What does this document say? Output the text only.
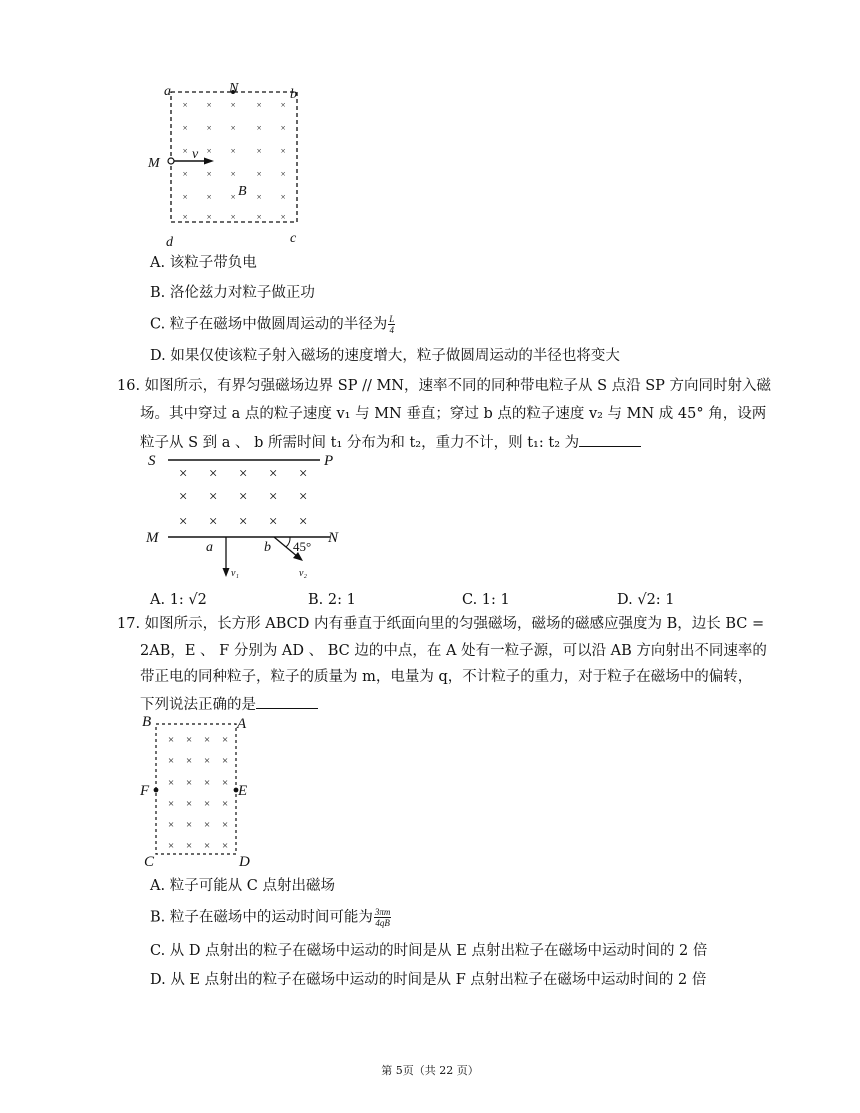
× × × × ×
× × × × ×
× × × × ×
× × × × ×
× × × × ×
× × × × ×
a	N	b
M
v
B
d	c
A. 该粒子带负电
B. 洛伦兹力对粒子做正功
C. 粒子在磁场中做圆周运动的半径为 $\frac{L}{4}$
D. 如果仅使该粒子射入磁场的速度增大，粒子做圆周运动的半径也将变大
16. 如图所示，有界匀强磁场边界 SP // MN，速率不同的同种带电粒子从 S 点沿 SP 方向同时射入磁
场。其中穿过 a 点的粒子速度 v₁ 与 MN 垂直；穿过 b 点的粒子速度 v₂ 与 MN 成 45° 角，设两
粒子从 S 到 a 、 b 所需时间 t₁ 分布为和 t₂，重力不计，则 t₁: t₂ 为
× × × × ×
× × × × ×
× × × × ×
S	P
M	N
a	b 45°
v₁	v₂
A. 1: √2	B. 2: 1	C. 1: 1	D. √2: 1
17. 如图所示，长方形 ABCD 内有垂直于纸面向里的匀强磁场，磁场的磁感应强度为 B，边长 BC =
2AB，E 、 F 分别为 AD 、 BC 边的中点，在 A 处有一粒子源，可以沿 AB 方向射出不同速率的
带正电的同种粒子，粒子的质量为 m，电量为 q，不计粒子的重力，对于粒子在磁场中的偏转，
下列说法正确的是
× × × ×
× × × ×
× × × ×
× × × ×
× × × ×
× × × ×
B	A
F	E
C	D
A. 粒子可能从 C 点射出磁场
B. 粒子在磁场中的运动时间可能为 $\frac{3\pi m}{4qB}$
C. 从 D 点射出的粒子在磁场中运动的时间是从 E 点射出粒子在磁场中运动时间的 2 倍
D. 从 E 点射出的粒子在磁场中运动的时间是从 F 点射出粒子在磁场中运动时间的 2 倍
第 5页（共 22 页）
